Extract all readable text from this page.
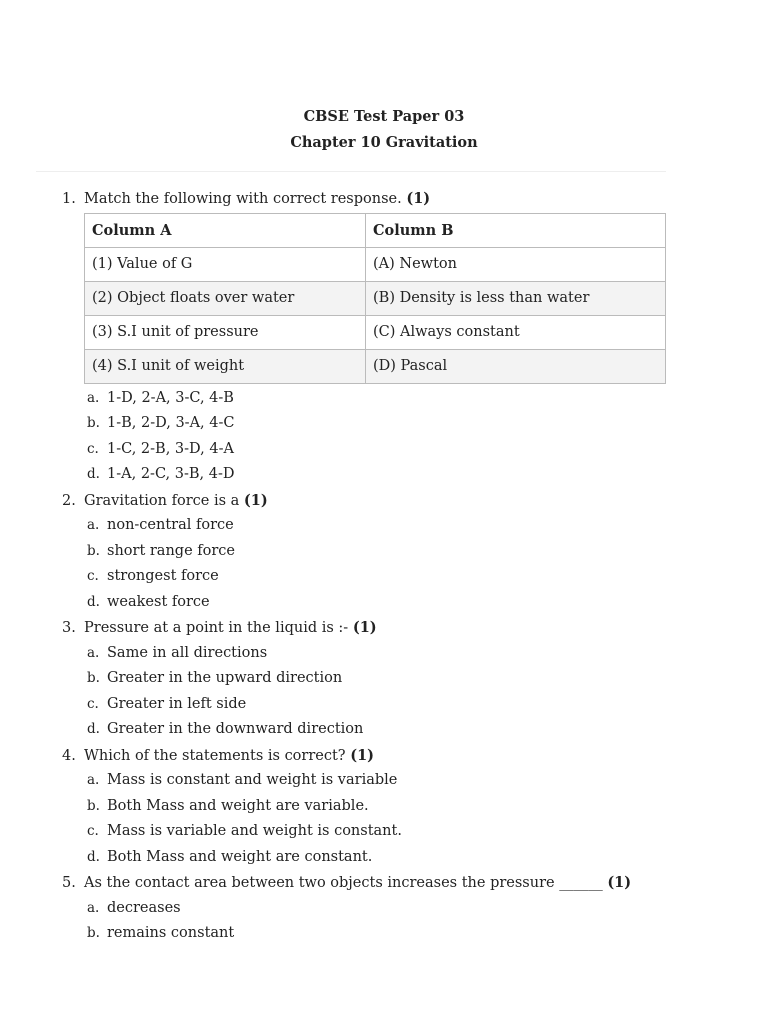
CBSE Test Paper 03
Chapter 10 Gravitation
1. Match the following with correct response. (1)
Column A	Column B
(1) Value of G	(A) Newton
(2) Object floats over water	(B) Density is less than water
(3) S.I unit of pressure	(C) Always constant
(4) S.I unit of weight	(D) Pascal
a. 1-D, 2-A, 3-C, 4-B
b. 1-B, 2-D, 3-A, 4-C
c. 1-C, 2-B, 3-D, 4-A
d. 1-A, 2-C, 3-B, 4-D
2. Gravitation force is a (1)
a. non-central force
b. short range force
c. strongest force
d. weakest force
3. Pressure at a point in the liquid is :- (1)
a. Same in all directions
b. Greater in the upward direction
c. Greater in left side
d. Greater in the downward direction
4. Which of the statements is correct? (1)
a. Mass is constant and weight is variable
b. Both Mass and weight are variable.
c. Mass is variable and weight is constant.
d. Both Mass and weight are constant.
5. As the contact area between two objects increases the pressure ______ (1)
a. decreases
b. remains constant
